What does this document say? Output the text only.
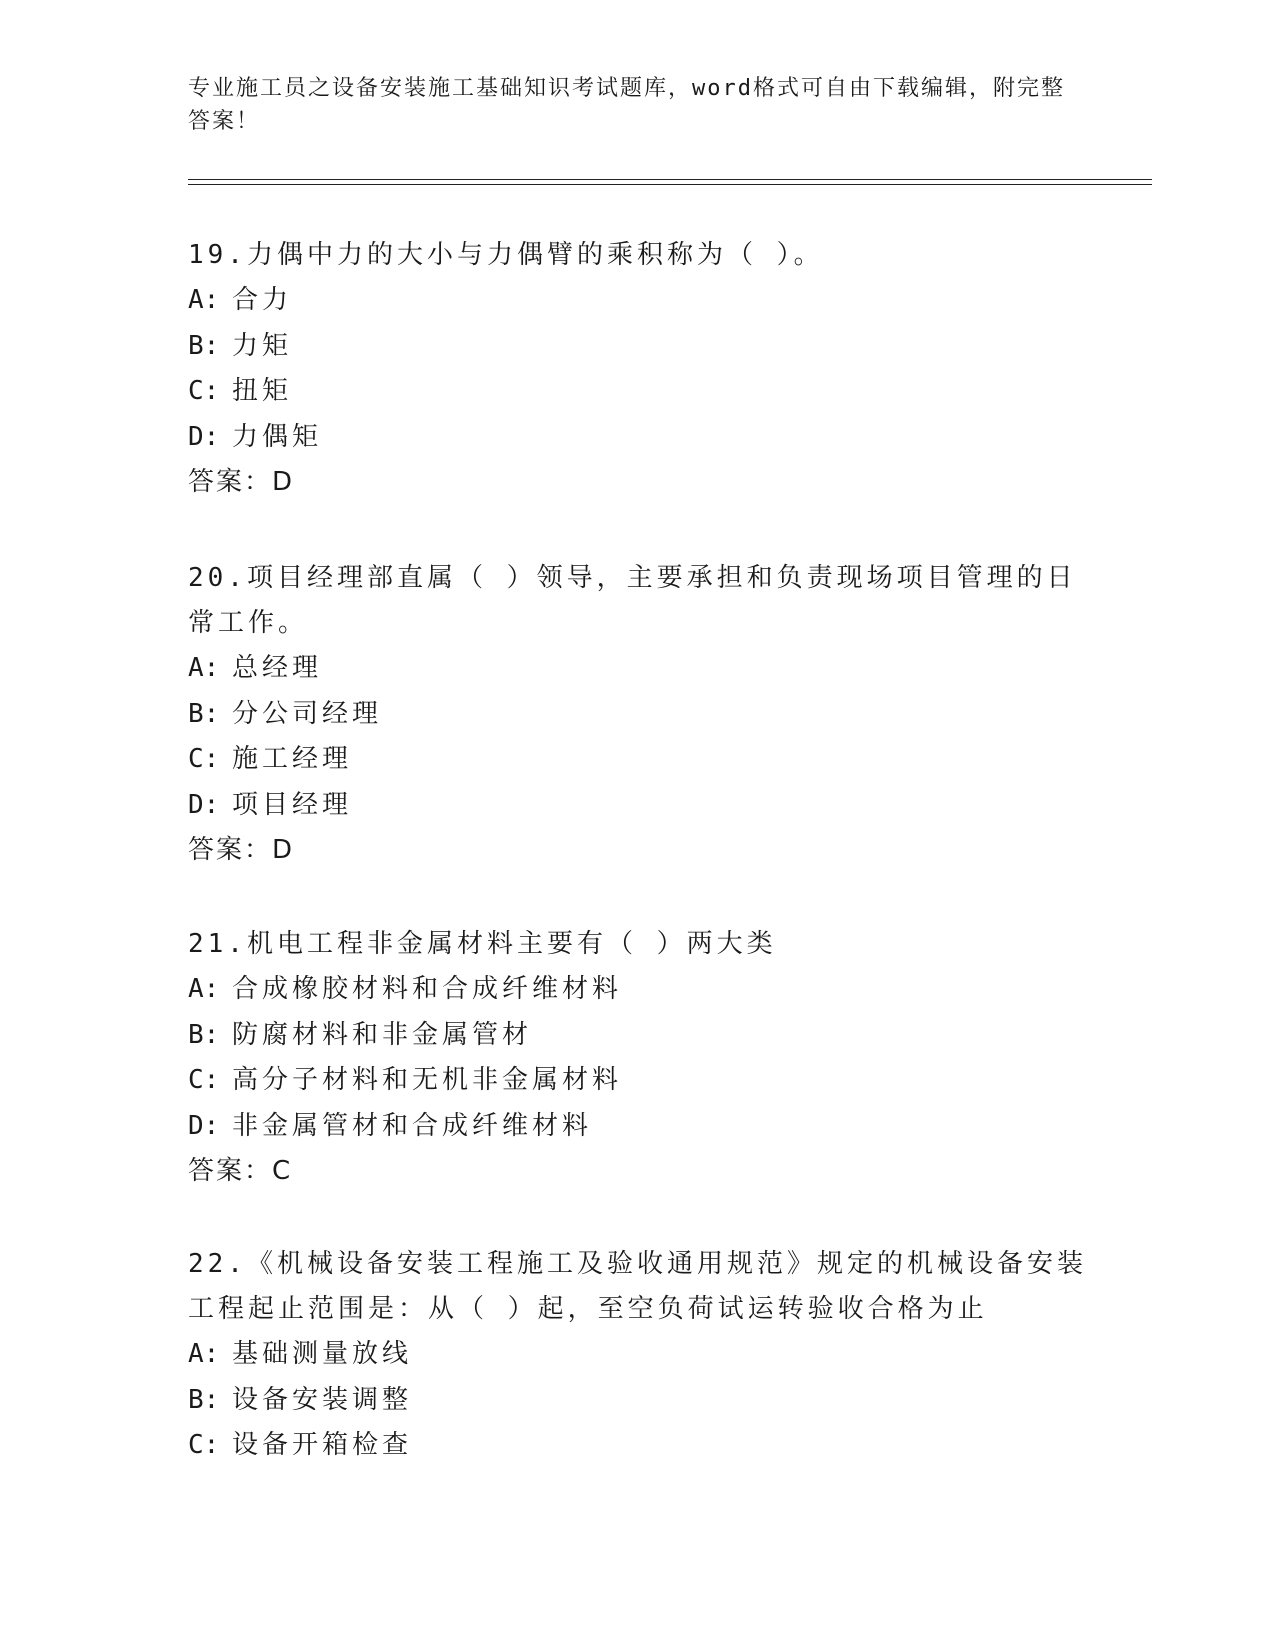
专业施工员之设备安装施工基础知识考试题库，word格式可自由下载编辑，附完整答案！

19.力偶中力的大小与力偶臂的乘积称为（ ）。

A: 合力

B: 力矩

C: 扭矩

D: 力偶矩

答案：D

20.项目经理部直属（ ）领导，主要承担和负责现场项目管理的日常工作。

A: 总经理

B: 分公司经理

C: 施工经理

D: 项目经理

答案：D

21.机电工程非金属材料主要有（ ）两大类

A: 合成橡胶材料和合成纤维材料

B: 防腐材料和非金属管材

C: 高分子材料和无机非金属材料

D: 非金属管材和合成纤维材料

答案：C

22.《机械设备安装工程施工及验收通用规范》规定的机械设备安装工程起止范围是：从（ ）起，至空负荷试运转验收合格为止

A: 基础测量放线

B: 设备安装调整

C: 设备开箱检查
